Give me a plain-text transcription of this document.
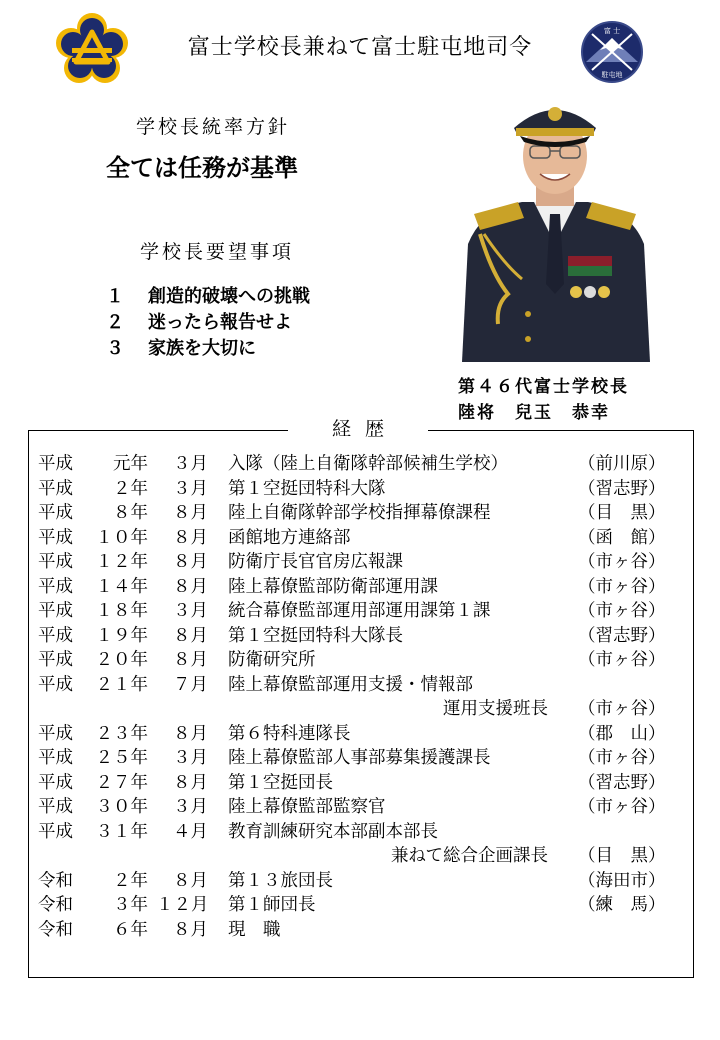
富士学校長兼ねて富士駐屯地司令
富 士
駐屯地
学校長統率方針
全ては任務が基準
学校長要望事項
１ 創造的破壊への挑戦
２ 迷ったら報告せよ
３ 家族を大切に
第４６代富士学校長
陸将　兒玉　恭幸
経歴
平成	元年	３月 入隊（陸上自衛隊幹部候補生学校）	（前川原）
平成	２年	３月 第１空挺団特科大隊	（習志野）
平成	８年	８月 陸上自衛隊幹部学校指揮幕僚課程	（目　黒）
平成 １０年	８月 函館地方連絡部	（函　館）
平成 １２年	８月 防衛庁長官官房広報課	（市ヶ谷）
平成 １４年	８月 陸上幕僚監部防衛部運用課	（市ヶ谷）
平成 １８年	３月 統合幕僚監部運用部運用課第１課	（市ヶ谷）
平成 １９年	８月 第１空挺団特科大隊長	（習志野）
平成 ２０年	８月 防衛研究所	（市ヶ谷）
平成 ２１年	７月 陸上幕僚監部運用支援・情報部
運用支援班長 （市ヶ谷）
平成 ２３年	８月 第６特科連隊長	（郡　山）
平成 ２５年	３月 陸上幕僚監部人事部募集援護課長	（市ヶ谷）
平成 ２７年	８月 第１空挺団長	（習志野）
平成 ３０年	３月 陸上幕僚監部監察官	（市ヶ谷）
平成 ３１年	４月 教育訓練研究本部副本部長
兼ねて総合企画課長 （目　黒）
令和	２年	８月 第１３旅団長	（海田市）
令和	３年 １２月 第１師団長	（練　馬）
令和	６年	８月 現　職
